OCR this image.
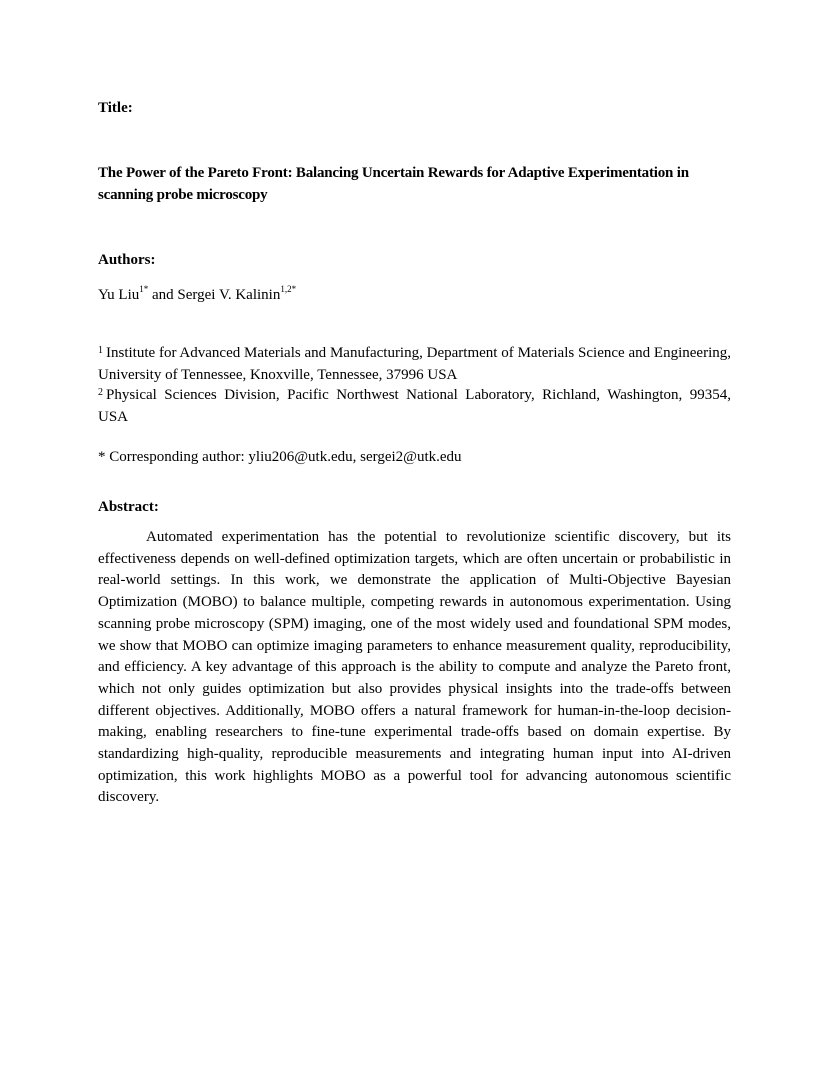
Title:
The Power of the Pareto Front: Balancing Uncertain Rewards for Adaptive Experimentation in scanning probe microscopy
Authors:
Yu Liu$^{1*}$ and Sergei V. Kalinin$^{1,2*}$

$^1$ Institute for Advanced Materials and Manufacturing, Department of Materials Science and Engineering, University of Tennessee, Knoxville, Tennessee, 37996 USA

$^2$ Physical Sciences Division, Pacific Northwest National Laboratory, Richland, Washington, 99354, USA

* Corresponding author: yliu206@utk.edu, sergei2@utk.edu
Abstract:

Automated experimentation has the potential to revolutionize scientific discovery, but its effectiveness depends on well-defined optimization targets, which are often uncertain or probabilistic in real-world settings. In this work, we demonstrate the application of Multi-Objective Bayesian Optimization (MOBO) to balance multiple, competing rewards in autonomous experimentation. Using scanning probe microscopy (SPM) imaging, one of the most widely used and foundational SPM modes, we show that MOBO can optimize imaging parameters to enhance measurement quality, reproducibility, and efficiency. A key advantage of this approach is the ability to compute and analyze the Pareto front, which not only guides optimization but also provides physical insights into the trade-offs between different objectives. Additionally, MOBO offers a natural framework for human-in-the-loop decision-making, enabling researchers to fine-tune experimental trade-offs based on domain expertise. By standardizing high-quality, reproducible measurements and integrating human input into AI-driven optimization, this work highlights MOBO as a powerful tool for advancing autonomous scientific discovery.
